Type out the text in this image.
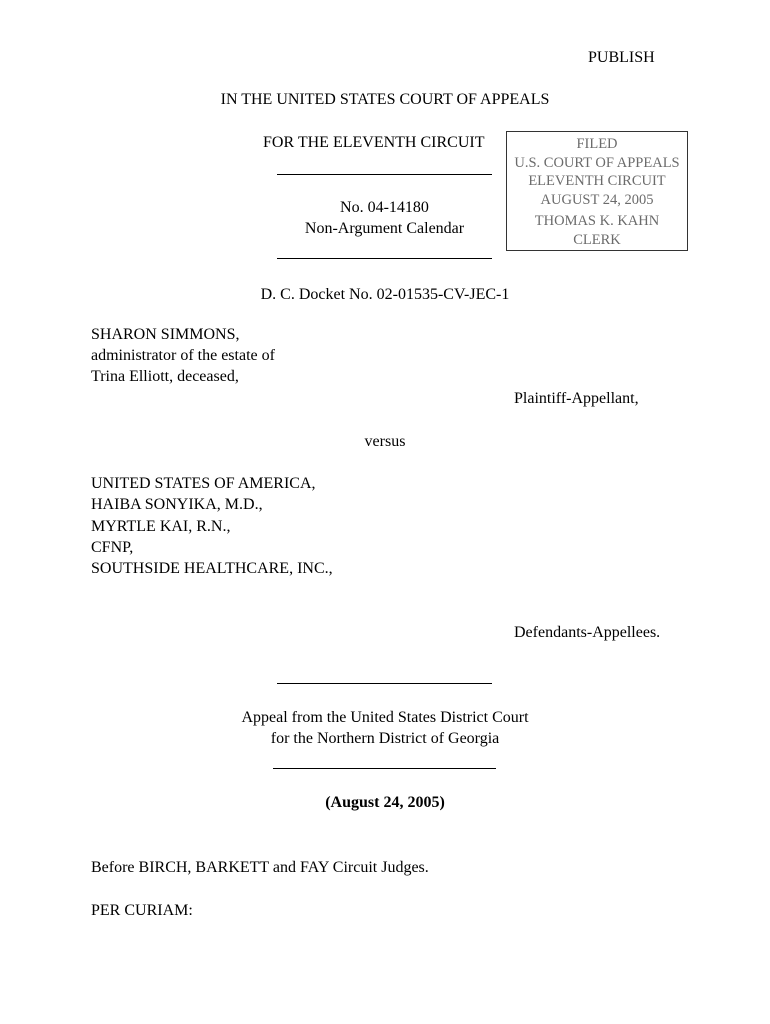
PUBLISH
IN THE UNITED STATES COURT OF APPEALS
FOR THE ELEVENTH CIRCUIT	FILED
U.S. COURT OF APPEALS
ELEVENTH CIRCUIT
AUGUST 24, 2005
THOMAS K. KAHN
CLERK
No. 04-14180
Non-Argument Calendar
D. C. Docket No. 02-01535-CV-JEC-1
SHARON SIMMONS,
administrator of the estate of
Trina Elliott, deceased,
Plaintiff-Appellant,
versus
UNITED STATES OF AMERICA,
HAIBA SONYIKA, M.D.,
MYRTLE KAI, R.N.,
CFNP,
SOUTHSIDE HEALTHCARE, INC.,
Defendants-Appellees.
Appeal from the United States District Court
for the Northern District of Georgia
(August 24, 2005)
Before BIRCH, BARKETT and FAY Circuit Judges.
PER CURIAM:
